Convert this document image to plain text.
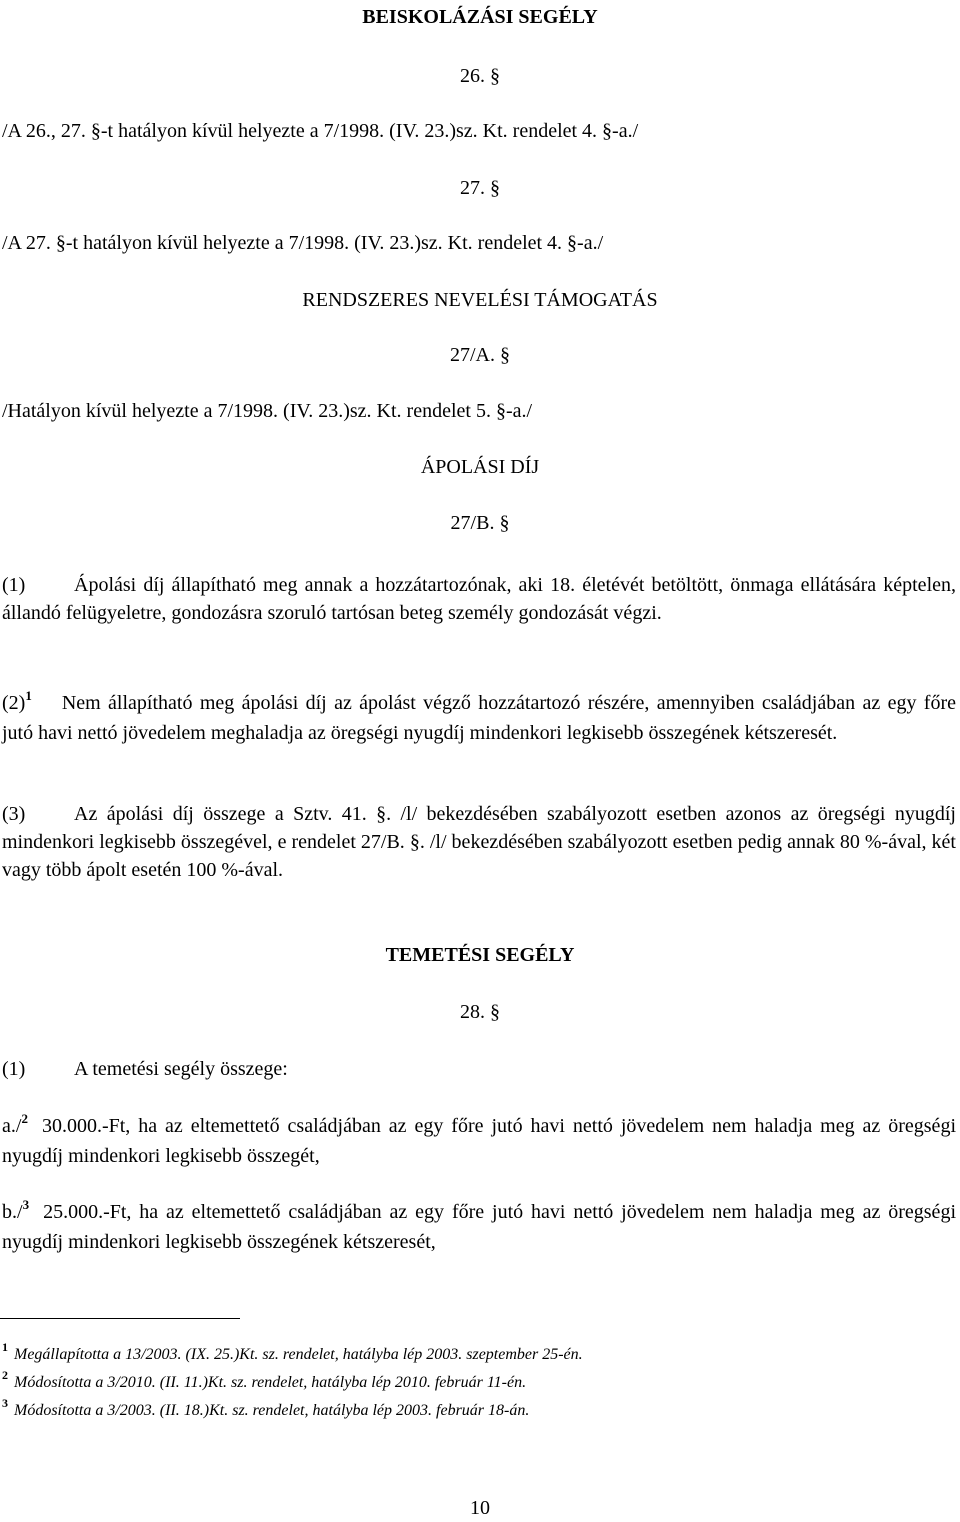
BEISKOLÁZÁSI SEGÉLY
26. §
/A 26., 27. §-t hatályon kívül helyezte a 7/1998. (IV. 23.)sz. Kt. rendelet 4. §-a./
27. §
/A 27. §-t hatályon kívül helyezte a 7/1998. (IV. 23.)sz. Kt. rendelet 4. §-a./
RENDSZERES NEVELÉSI TÁMOGATÁS
27/A. §
/Hatályon kívül helyezte a 7/1998. (IV. 23.)sz. Kt. rendelet 5. §-a./
ÁPOLÁSI DÍJ
27/B. §
(1) Ápolási díj állapítható meg annak a hozzátartozónak, aki 18. életévét betöltött, önmaga ellátására képtelen, állandó felügyeletre, gondozásra szoruló tartósan beteg személy gondozását végzi.
$(2)^1$ Nem állapítható meg ápolási díj az ápolást végző hozzátartozó részére, amennyiben családjában az egy főre jutó havi nettó jövedelem meghaladja az öregségi nyugdíj mindenkori legkisebb összegének kétszeresét.
(3) Az ápolási díj összege a Sztv. 41. §. /l/ bekezdésében szabályozott esetben azonos az öregségi nyugdíj mindenkori legkisebb összegével, e rendelet 27/B. §. /l/ bekezdésében szabályozott esetben pedig annak 80 %-ával, két vagy több ápolt esetén 100 %-ával.
TEMETÉSI SEGÉLY
28. §
(1) A temetési segély összege:
a./$^2$ 30.000.-Ft, ha az eltemettető családjában az egy főre jutó havi nettó jövedelem nem haladja meg az öregségi nyugdíj mindenkori legkisebb összegét,
b./$^3$ 25.000.-Ft, ha az eltemettető családjában az egy főre jutó havi nettó jövedelem nem haladja meg az öregségi nyugdíj mindenkori legkisebb összegének kétszeresét,
$^1$ Megállapította a 13/2003. (IX. 25.)Kt. sz. rendelet, hatályba lép 2003. szeptember 25-én.
$^2$ Módosította a 3/2010. (II. 11.)Kt. sz. rendelet, hatályba lép 2010. február 11-én.
$^3$ Módosította a 3/2003. (II. 18.)Kt. sz. rendelet, hatályba lép 2003. február 18-án.
10
